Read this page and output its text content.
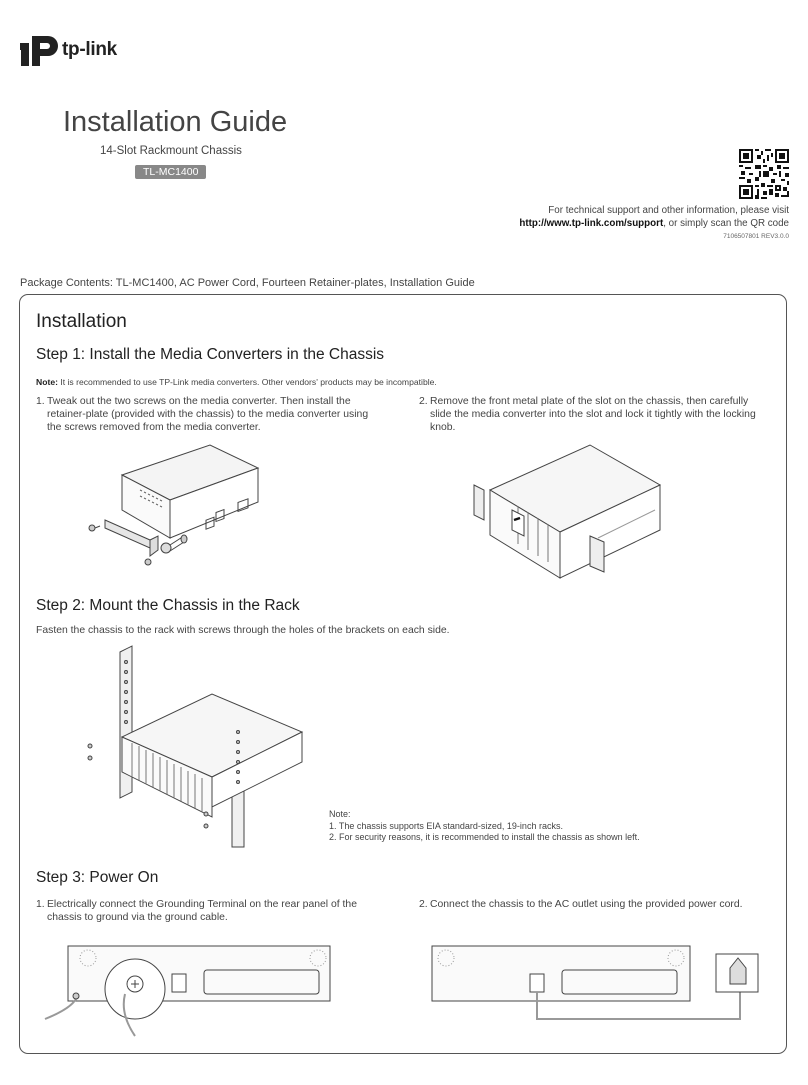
tp-link
Installation Guide
14-Slot Rackmount Chassis
TL-MC1400
For technical support and other information, please visit
http://www.tp-link.com/support, or simply scan the QR code
7106507801 REV3.0.0
Package Contents: TL-MC1400, AC Power Cord, Fourteen Retainer-plates, Installation Guide
Installation
Step 1: Install the Media Converters in the Chassis
Note: It is recommended to use TP-Link media converters. Other vendors' products may be incompatible.
1. Tweak out the two screws on the media converter. Then install the retainer-plate (provided with the chassis) to the media converter using the screws removed from the media converter.
2. Remove the front metal plate of the slot on the chassis, then carefully slide the media converter into the slot and lock it tightly with the locking knob.
Step 2: Mount the Chassis in the Rack
Fasten the chassis to the rack with screws through the holes of the brackets on each side.
Note:
1. The chassis supports EIA standard-sized, 19-inch racks.
2. For security reasons, it is recommended to install the chassis as shown left.
Step 3: Power On
1. Electrically connect the Grounding Terminal on the rear panel of the chassis to ground via the ground cable.
2. Connect the chassis to the AC outlet using the provided power cord.
